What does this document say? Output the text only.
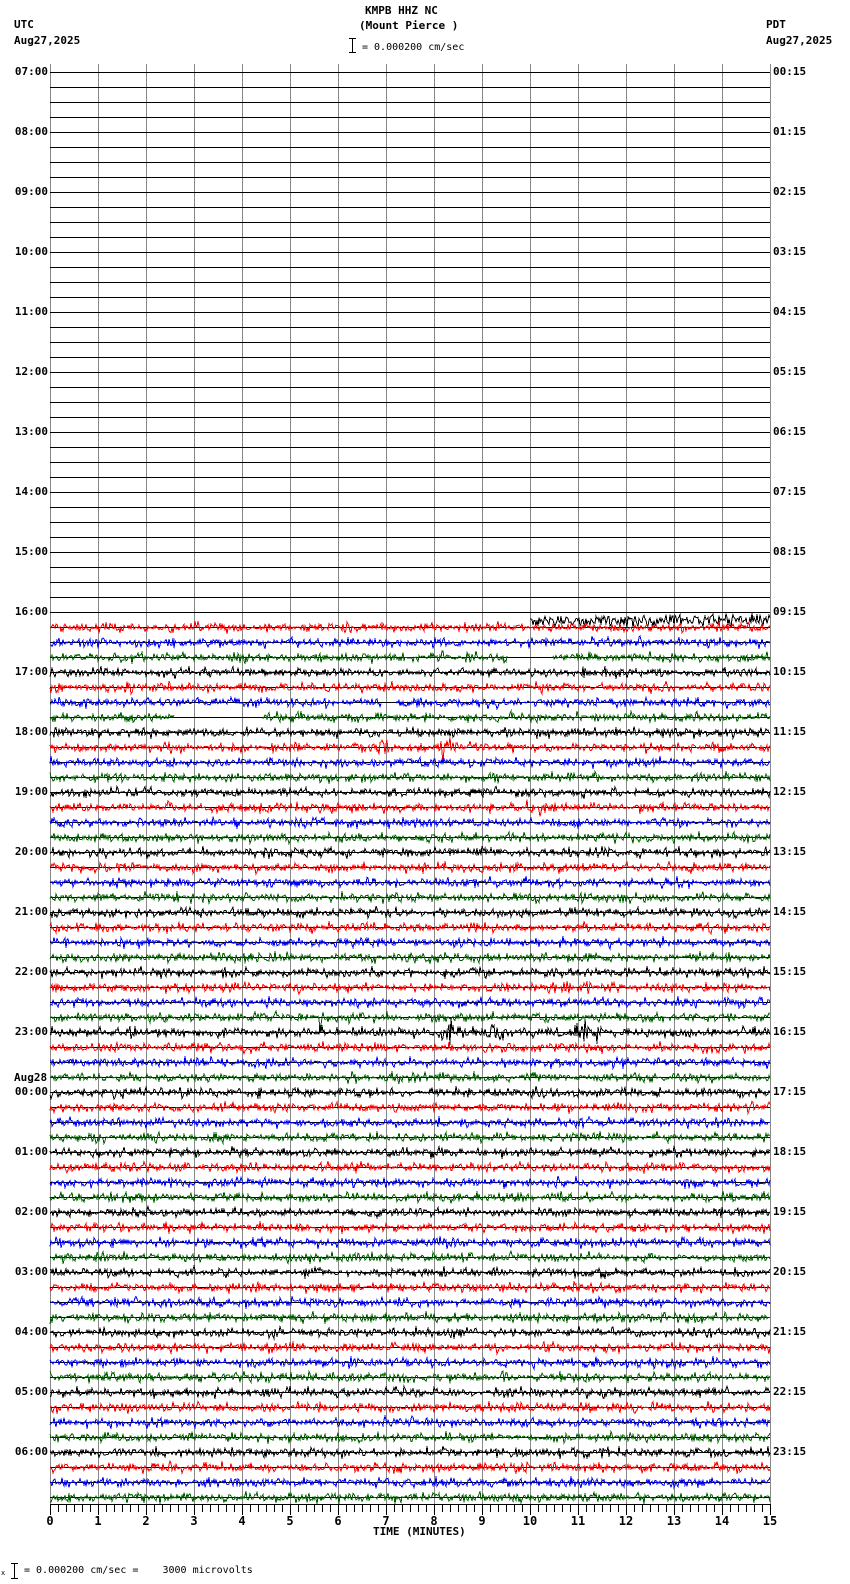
KMPB HHZ NC
(Mount Pierce )
= 0.000200 cm/sec
UTC
Aug27,2025
PDT
Aug27,2025
07:00
08:00
09:00
10:00
11:00
12:00
13:00
14:00
15:00
16:00
17:00
18:00
19:00
20:00
21:00
22:00
23:00
00:00
01:00
02:00
03:00
04:00
05:00
06:00
Aug28
00:15
01:15
02:15
03:15
04:15
05:15
06:15
07:15
08:15
09:15
10:15
11:15
12:15
13:15
14:15
15:15
16:15
17:15
18:15
19:15
20:15
21:15
22:15
23:15
0	1	2	3	4	5	6	7	8	9	10	11	12	13	14	15
TIME (MINUTES)
x = 0.000200 cm/sec =    3000 microvolts
